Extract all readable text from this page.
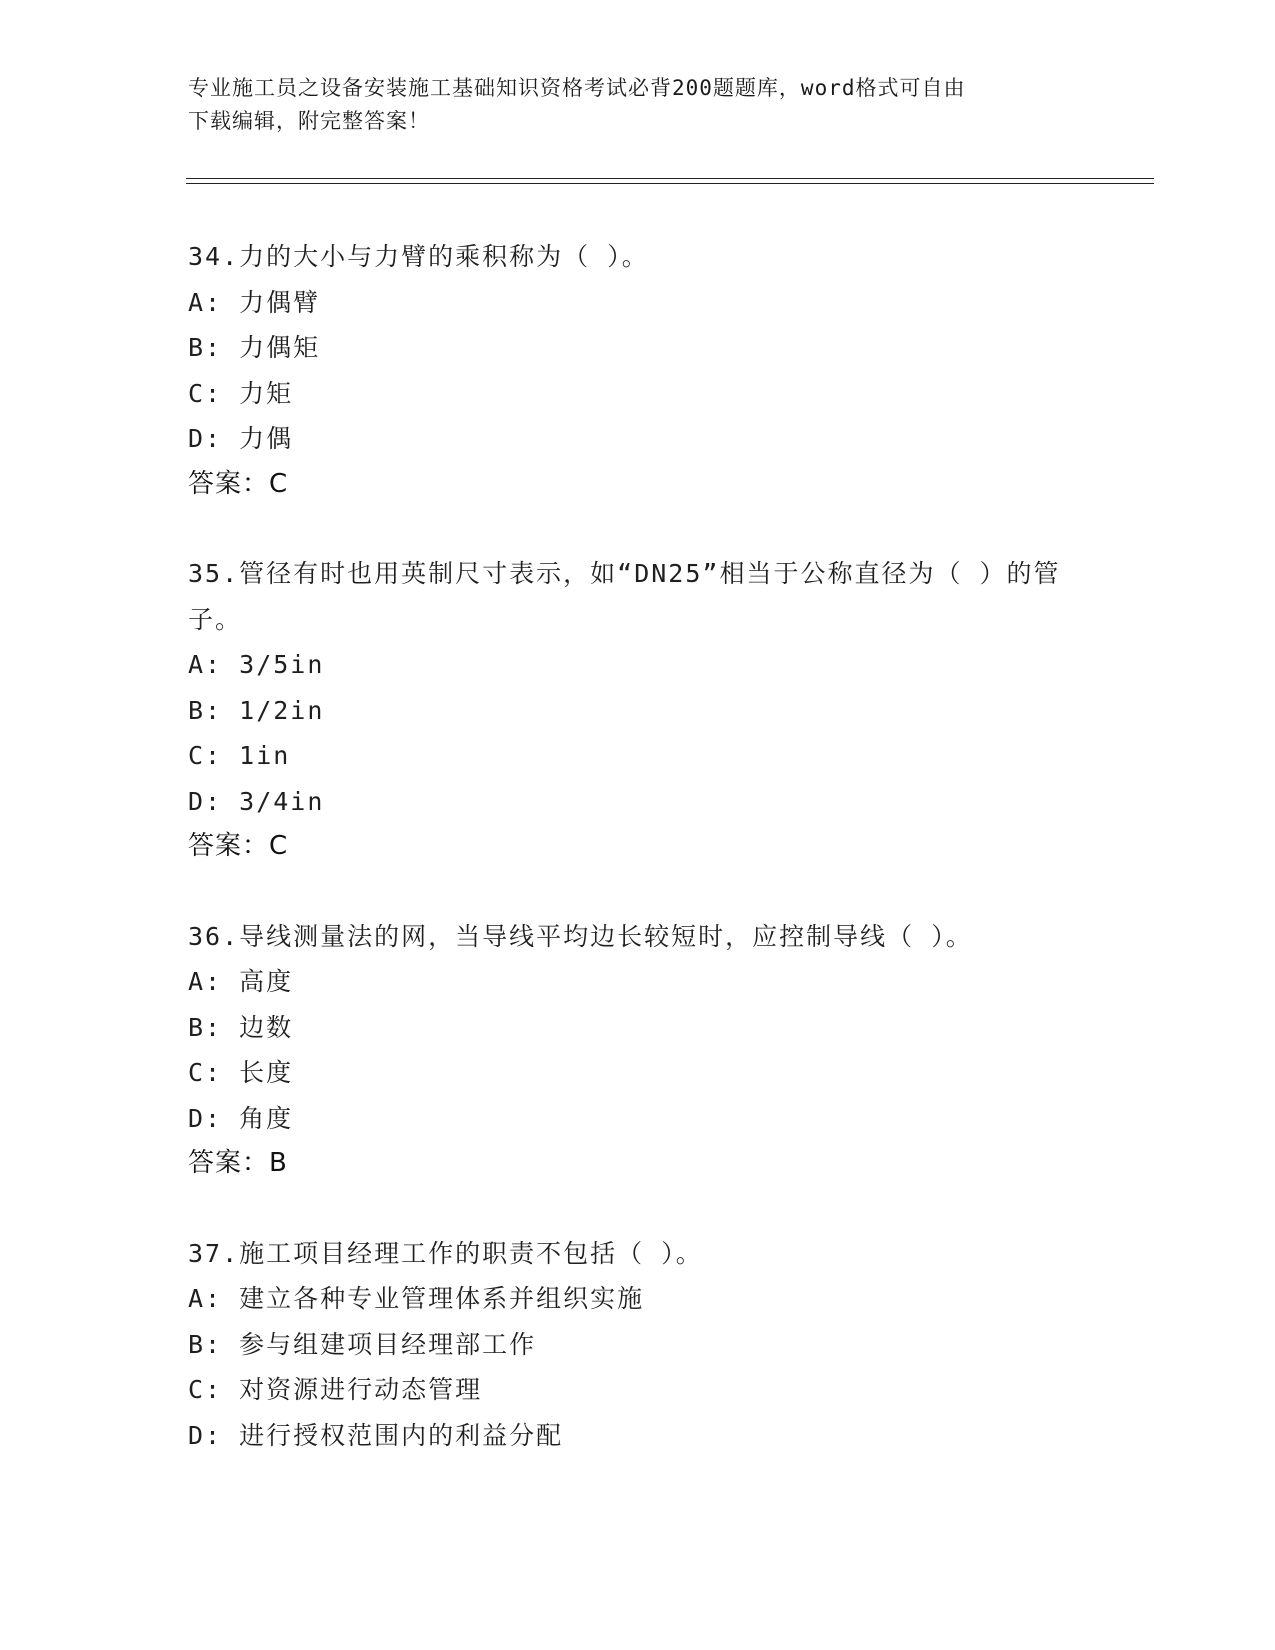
专业施工员之设备安装施工基础知识资格考试必背200题题库，word格式可自由
下载编辑，附完整答案！
34.力的大小与力臂的乘积称为（ ）。
A: 力偶臂
B: 力偶矩
C: 力矩
D: 力偶
答案：C
35.管径有时也用英制尺寸表示，如“DN25”相当于公称直径为（ ）的管子。
A: 3/5in
B: 1/2in
C: 1in
D: 3/4in
答案：C
36.导线测量法的网，当导线平均边长较短时，应控制导线（ ）。
A: 高度
B: 边数
C: 长度
D: 角度
答案：B
37.施工项目经理工作的职责不包括（ ）。
A: 建立各种专业管理体系并组织实施
B: 参与组建项目经理部工作
C: 对资源进行动态管理
D: 进行授权范围内的利益分配
